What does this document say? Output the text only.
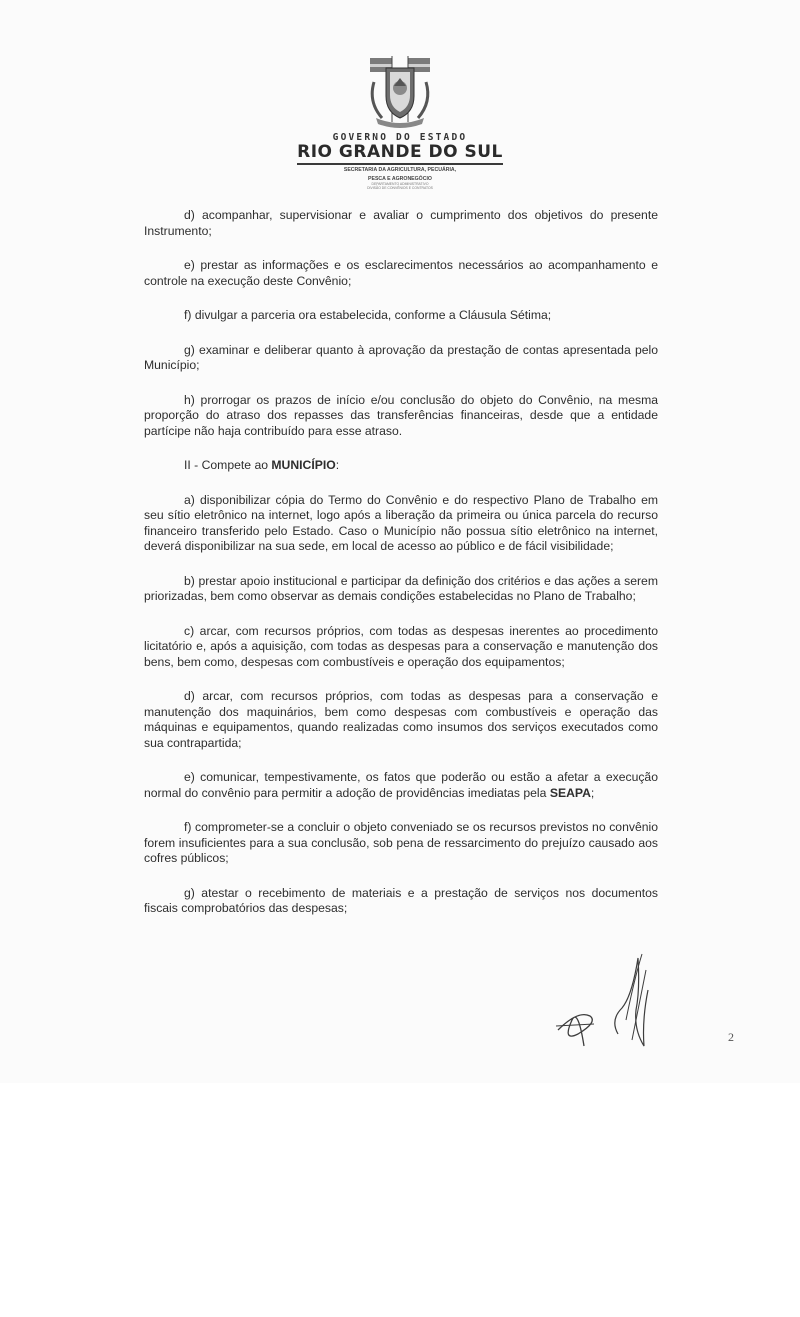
GOVERNO DO ESTADO
RIO GRANDE DO SUL
SECRETARIA DA AGRICULTURA, PECUÁRIA,
PESCA E AGRONEGÓCIO
DEPARTAMENTO ADMINISTRATIVO
DIVISÃO DE CONVÊNIOS E CONTRATOS

d) acompanhar, supervisionar e avaliar o cumprimento dos objetivos do presente Instrumento;

e) prestar as informações e os esclarecimentos necessários ao acompanhamento e controle na execução deste Convênio;

f) divulgar a parceria ora estabelecida, conforme a Cláusula Sétima;

g) examinar e deliberar quanto à aprovação da prestação de contas apresentada pelo Município;

h) prorrogar os prazos de início e/ou conclusão do objeto do Convênio, na mesma proporção do atraso dos repasses das transferências financeiras, desde que a entidade partícipe não haja contribuído para esse atraso.

II - Compete ao MUNICÍPIO:

a) disponibilizar cópia do Termo do Convênio e do respectivo Plano de Trabalho em seu sítio eletrônico na internet, logo após a liberação da primeira ou única parcela do recurso financeiro transferido pelo Estado. Caso o Município não possua sítio eletrônico na internet, deverá disponibilizar na sua sede, em local de acesso ao público e de fácil visibilidade;

b) prestar apoio institucional e participar da definição dos critérios e das ações a serem priorizadas, bem como observar as demais condições estabelecidas no Plano de Trabalho;

c) arcar, com recursos próprios, com todas as despesas inerentes ao procedimento licitatório e, após a aquisição, com todas as despesas para a conservação e manutenção dos bens, bem como, despesas com combustíveis e operação dos equipamentos;

d) arcar, com recursos próprios, com todas as despesas para a conservação e manutenção dos maquinários, bem como despesas com combustíveis e operação das máquinas e equipamentos, quando realizadas como insumos dos serviços executados como sua contrapartida;

e) comunicar, tempestivamente, os fatos que poderão ou estão a afetar a execução normal do convênio para permitir a adoção de providências imediatas pela SEAPA;

f) comprometer-se a concluir o objeto conveniado se os recursos previstos no convênio forem insuficientes para a sua conclusão, sob pena de ressarcimento do prejuízo causado aos cofres públicos;

g) atestar o recebimento de materiais e a prestação de serviços nos documentos fiscais comprobatórios das despesas;

2
